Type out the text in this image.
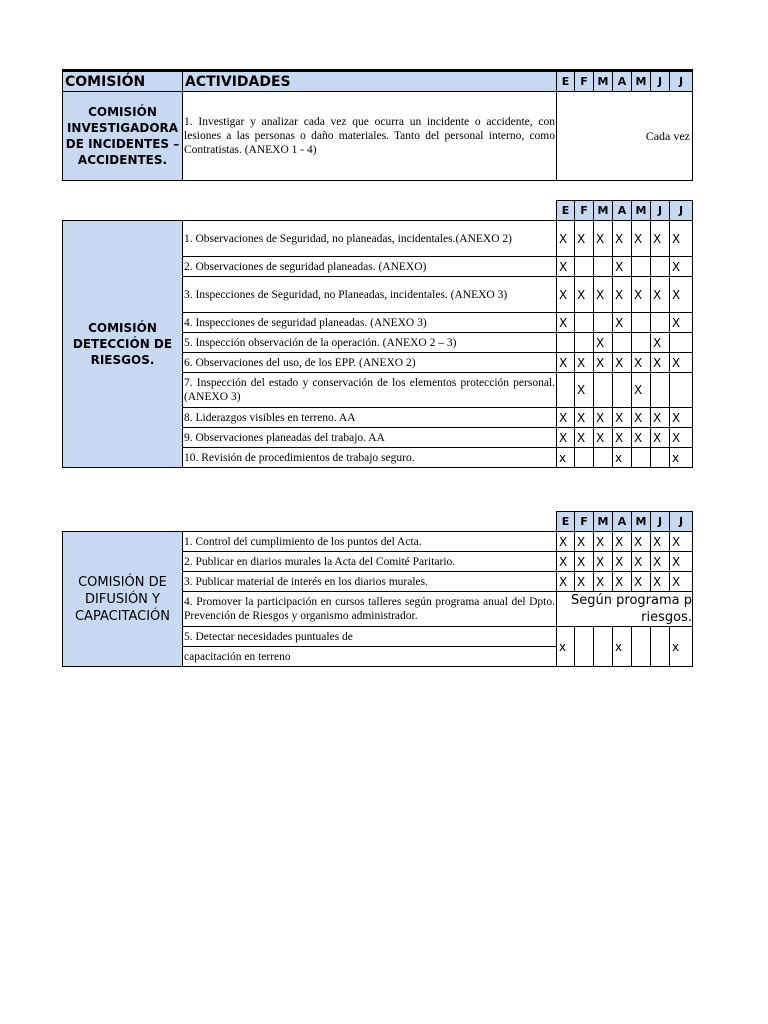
COMISIÓN	ACTIVIDADES	E	F	M	A	M	J	J
COMISIÓN INVESTIGADORA DE INCIDENTES – ACCIDENTES.	1. Investigar y analizar cada vez que ocurra un incidente o accidente, con lesiones a las personas o daño materiales. Tanto del personal interno, como Contratistas. (ANEXO 1 - 4)	Cada vez						
E	F	M	A	M	J	J
COMISIÓN DETECCIÓN DE RIESGOS.	1. Observaciones de Seguridad, no planeadas, incidentales.(ANEXO 2)	X	X	X	X	X	X	X
	2. Observaciones de seguridad planeadas. (ANEXO)	X			X			X
	3. Inspecciones de Seguridad, no Planeadas, incidentales. (ANEXO 3)	X	X	X	X	X	X	X
	4. Inspecciones de seguridad planeadas. (ANEXO 3)	X			X			X
	5. Inspección observación de la operación. (ANEXO 2 – 3)			X			X	
	6. Observaciones del uso, de los EPP. (ANEXO 2)	X	X	X	X	X	X	X
	7. Inspección del estado y conservación de los elementos protección personal. (ANEXO 3)		X			X		
	8. Liderazgos visibles en terreno. AA	X	X	X	X	X	X	X
	9. Observaciones planeadas del trabajo. AA	X	X	X	X	X	X	X
	10. Revisión de procedimientos de trabajo seguro.	x			x			x
E	F	M	A	M	J	J
COMISIÓN DE DIFUSIÓN Y CAPACITACIÓN	1. Control del cumplimiento de los puntos del Acta.	X	X	X	X	X	X	X
	2. Publicar en diarios murales la Acta del Comité Paritario.	X	X	X	X	X	X	X
	3. Publicar material de interés en los diarios murales.	X	X	X	X	X	X	X
	4. Promover la participación en cursos talleres según programa anual del Dpto. Prevención de Riesgos y organismo administrador.	Según programa p
riesgos.						

	5. Detectar necesidades puntuales de	x			x			x
	capacitación en terreno							
